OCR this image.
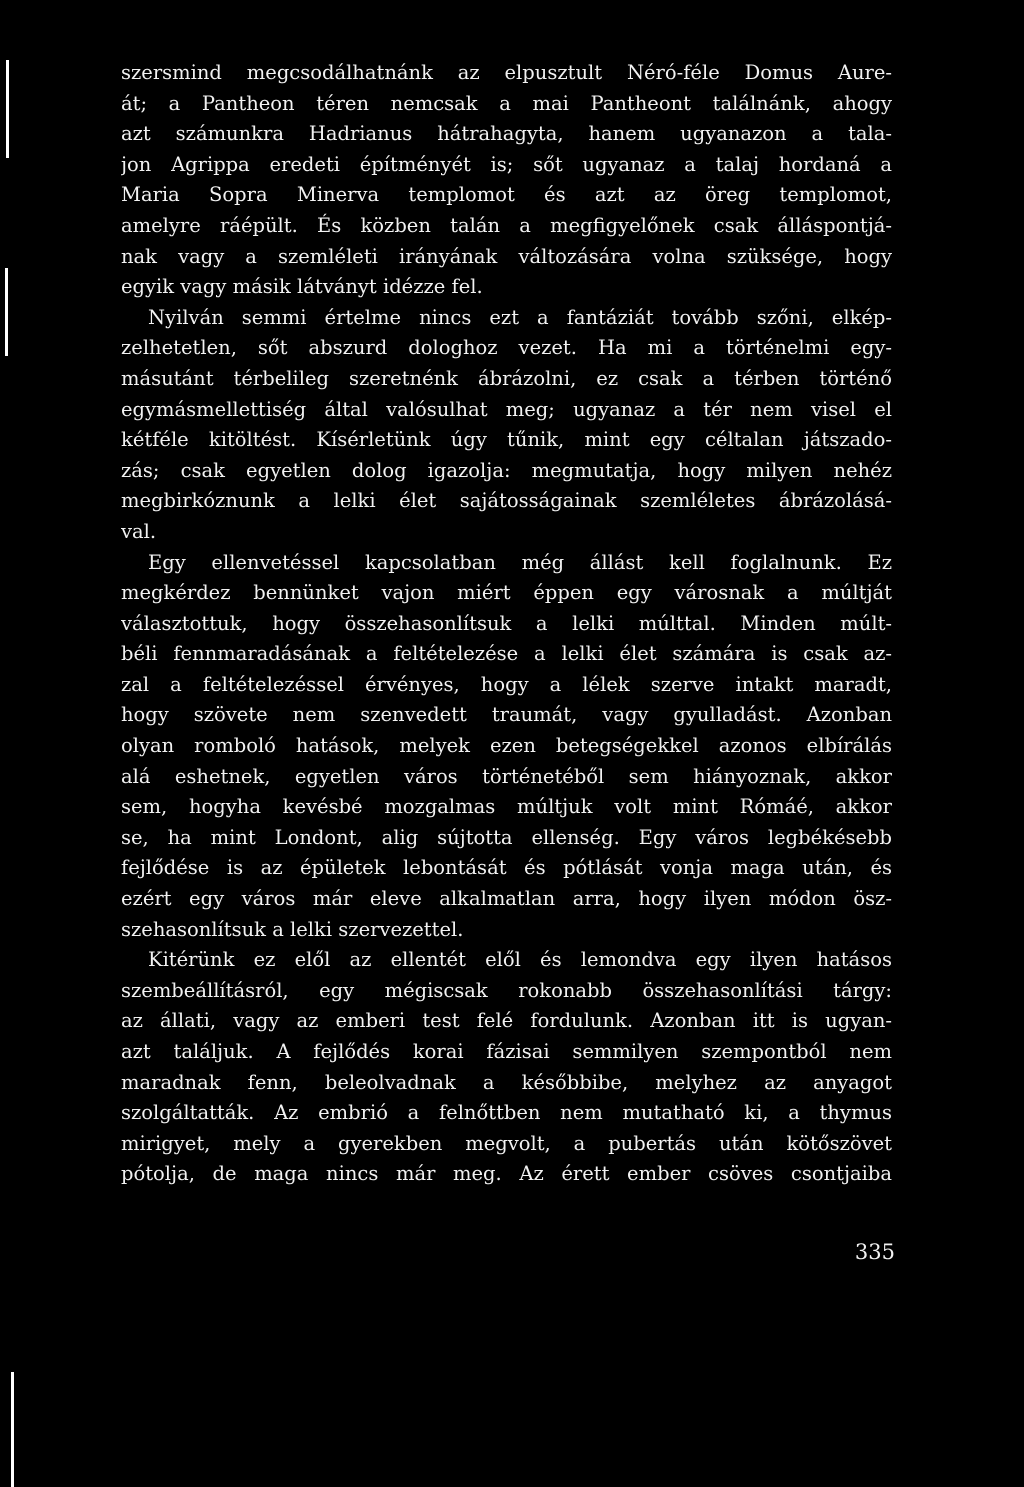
szersmind megcsodálhatnánk az elpusztult Néró-féle Domus Aure-
át; a Pantheon téren nemcsak a mai Pantheont találnánk, ahogy
azt számunkra Hadrianus hátrahagyta, hanem ugyanazon a tala-
jon Agrippa eredeti építményét is; sőt ugyanaz a talaj hordaná a
Maria Sopra Minerva templomot és azt az öreg templomot,
amelyre ráépült. És közben talán a megfigyelőnek csak álláspontjá-
nak vagy a szemléleti irányának változására volna szüksége, hogy
egyik vagy másik látványt idézze fel.
Nyilván semmi értelme nincs ezt a fantáziát tovább szőni, elkép-
zelhetetlen, sőt abszurd dologhoz vezet. Ha mi a történelmi egy-
másutánt térbelileg szeretnénk ábrázolni, ez csak a térben történő
egymásmellettiség által valósulhat meg; ugyanaz a tér nem visel el
kétféle kitöltést. Kísérletünk úgy tűnik, mint egy céltalan játszado-
zás; csak egyetlen dolog igazolja: megmutatja, hogy milyen nehéz
megbirkóznunk a lelki élet sajátosságainak szemléletes ábrázolásá-
val.
Egy ellenvetéssel kapcsolatban még állást kell foglalnunk. Ez
megkérdez bennünket vajon miért éppen egy városnak a múltját
választottuk, hogy összehasonlítsuk a lelki múlttal. Minden múlt-
béli fennmaradásának a feltételezése a lelki élet számára is csak az-
zal a feltételezéssel érvényes, hogy a lélek szerve intakt maradt,
hogy szövete nem szenvedett traumát, vagy gyulladást. Azonban
olyan romboló hatások, melyek ezen betegségekkel azonos elbírálás
alá eshetnek, egyetlen város történetéből sem hiányoznak, akkor
sem, hogyha kevésbé mozgalmas múltjuk volt mint Rómáé, akkor
se, ha mint Londont, alig sújtotta ellenség. Egy város legbékésebb
fejlődése is az épületek lebontását és pótlását vonja maga után, és
ezért egy város már eleve alkalmatlan arra, hogy ilyen módon ösz-
szehasonlítsuk a lelki szervezettel.
Kitérünk ez elől az ellentét elől és lemondva egy ilyen hatásos
szembeállításról, egy mégiscsak rokonabb összehasonlítási tárgy:
az állati, vagy az emberi test felé fordulunk. Azonban itt is ugyan-
azt találjuk. A fejlődés korai fázisai semmilyen szempontból nem
maradnak fenn, beleolvadnak a későbbibe, melyhez az anyagot
szolgáltatták. Az embrió a felnőttben nem mutatható ki, a thymus
mirigyet, mely a gyerekben megvolt, a pubertás után kötőszövet
pótolja, de maga nincs már meg. Az érett ember csöves csontjaiba
335
